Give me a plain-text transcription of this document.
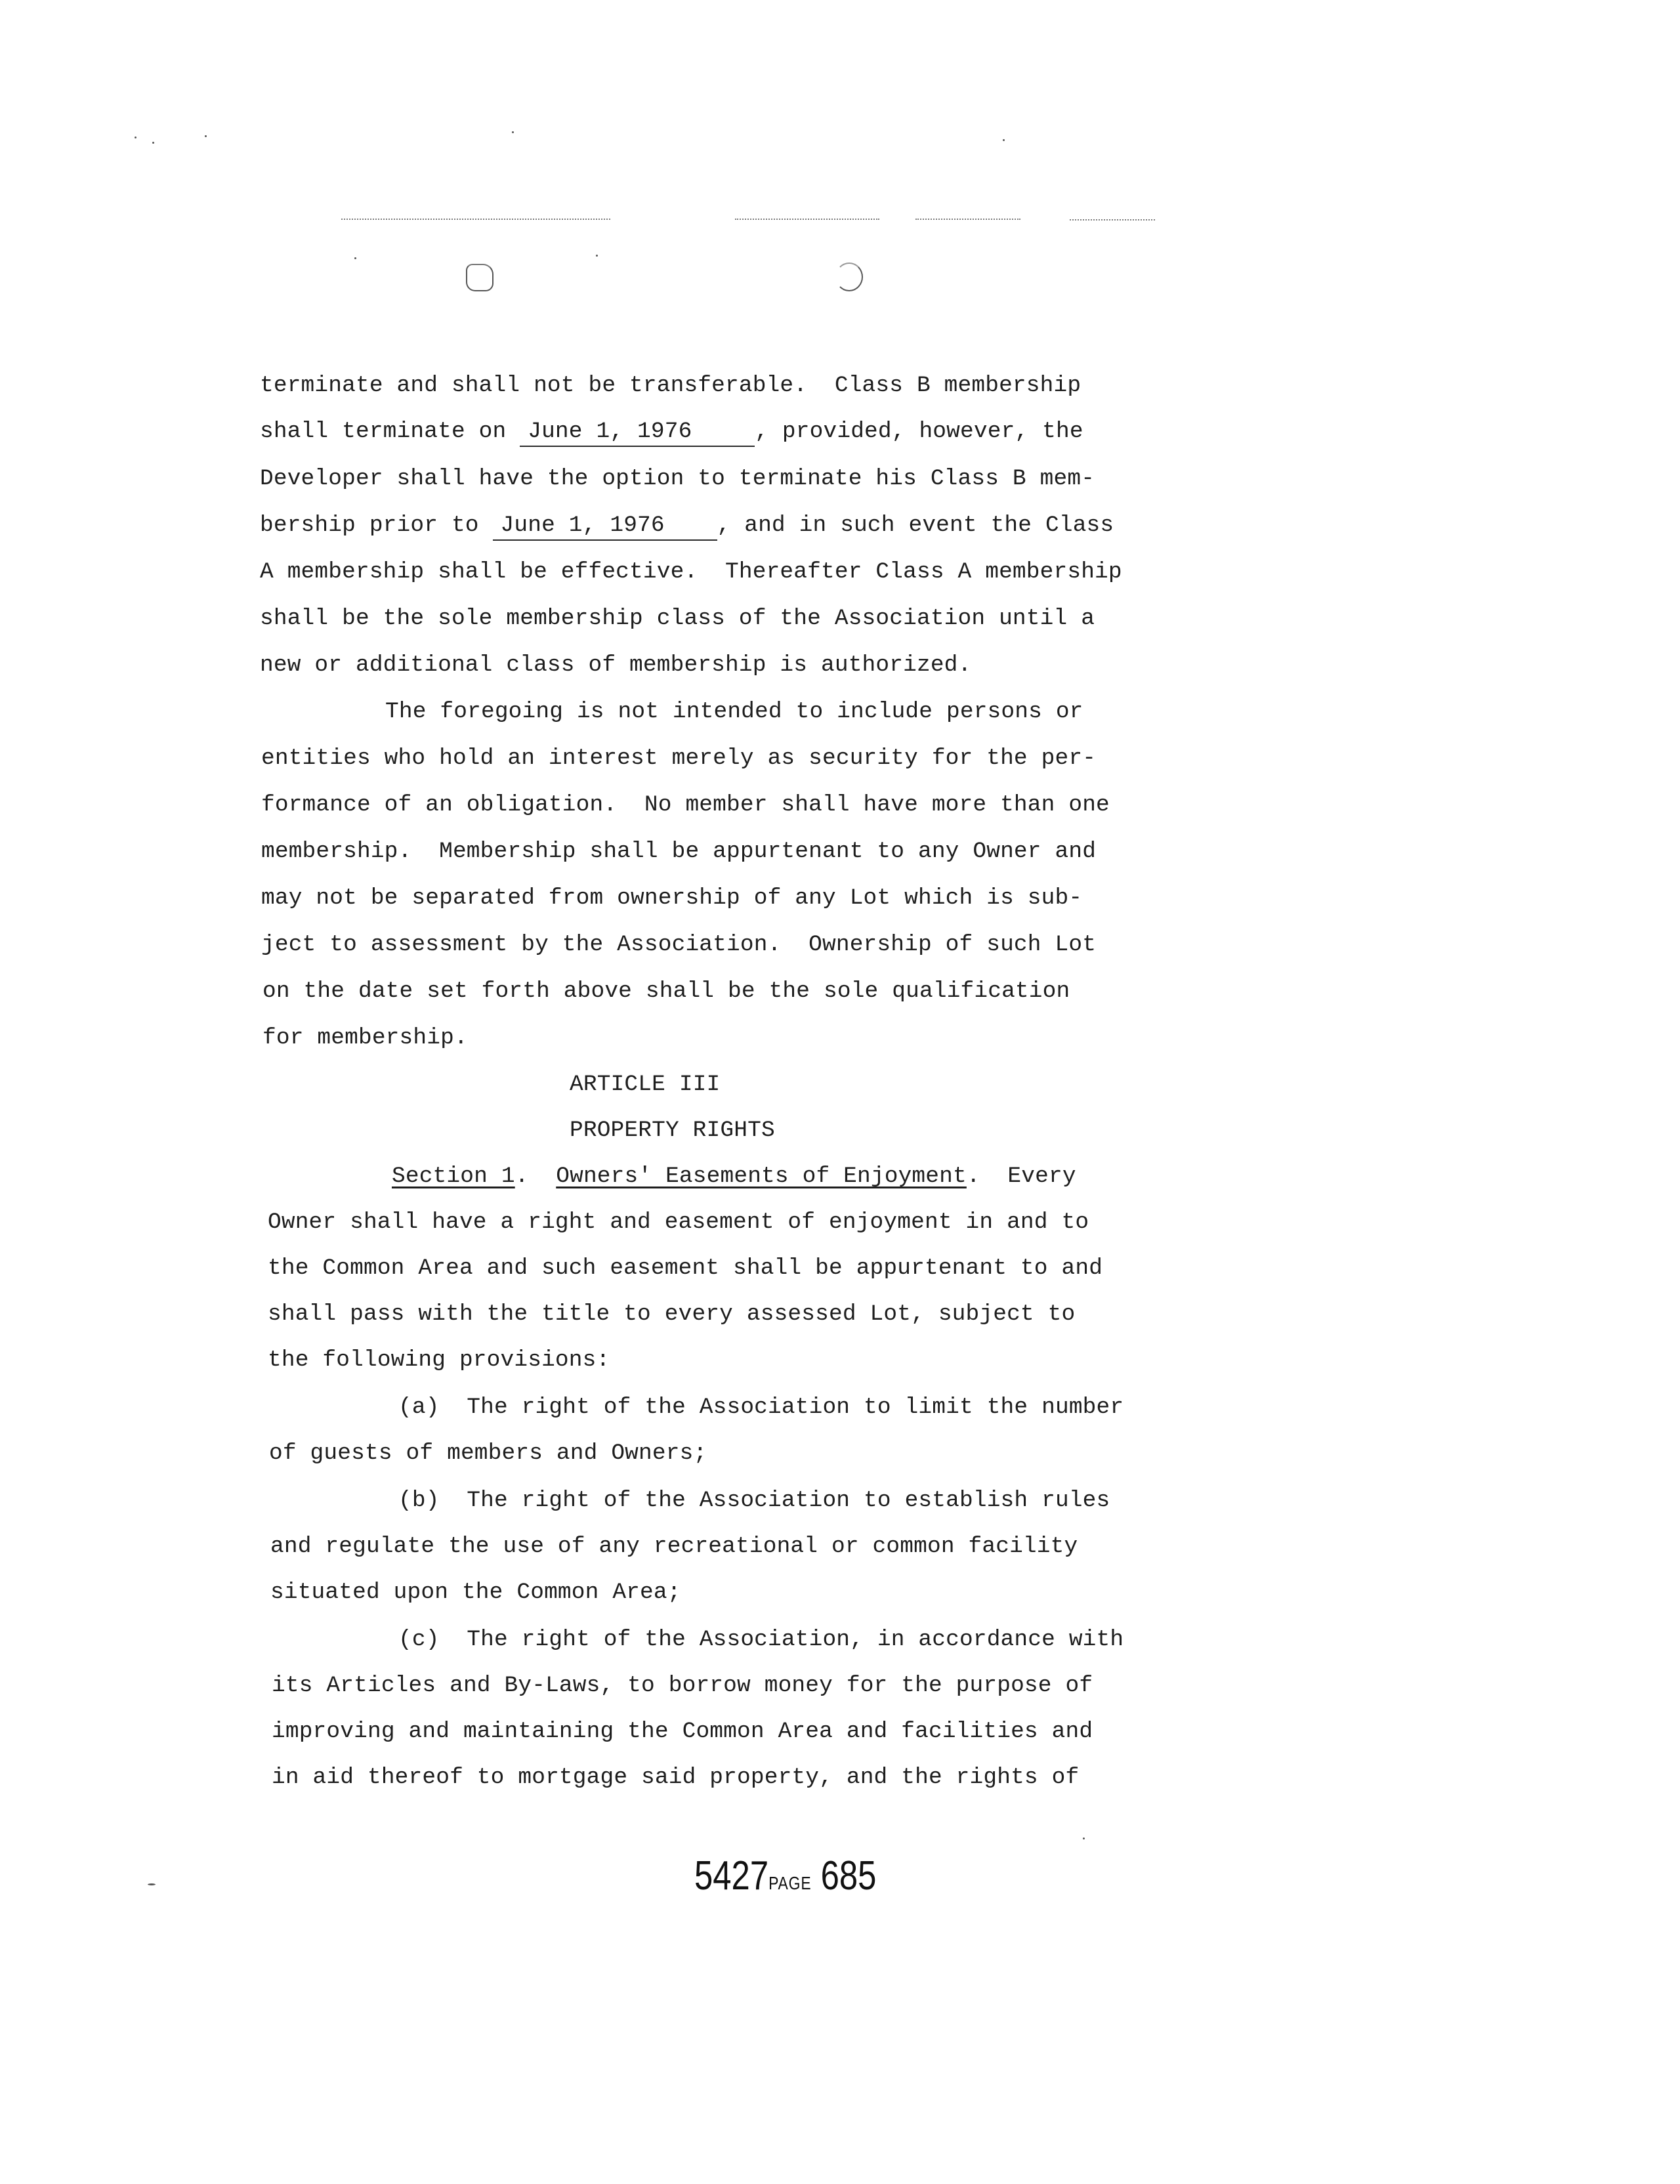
terminate and shall not be transferable.  Class B membership
shall terminate on June 1, 1976	, provided, however, the
Developer shall have the option to terminate his Class B mem-
bership prior to June 1, 1976 , and in such event the Class
A membership shall be effective.  Thereafter Class A membership
shall be the sole membership class of the Association until a
new or additional class of membership is authorized.
The foregoing is not intended to include persons or
entities who hold an interest merely as security for the per-
formance of an obligation.  No member shall have more than one
membership.  Membership shall be appurtenant to any Owner and
may not be separated from ownership of any Lot which is sub-
ject to assessment by the Association.  Ownership of such Lot
on the date set forth above shall be the sole qualification
for membership.
ARTICLE III
PROPERTY RIGHTS
Section 1.  Owners' Easements of Enjoyment.  Every
Owner shall have a right and easement of enjoyment in and to
the Common Area and such easement shall be appurtenant to and
shall pass with the title to every assessed Lot, subject to
the following provisions:
(a)  The right of the Association to limit the number
of guests of members and Owners;
(b)  The right of the Association to establish rules
and regulate the use of any recreational or common facility
situated upon the Common Area;
(c)  The right of the Association, in accordance with
its Articles and By-Laws, to borrow money for the purpose of
improving and maintaining the Common Area and facilities and
in aid thereof to mortgage said property, and the rights of
5427PAGE 685
